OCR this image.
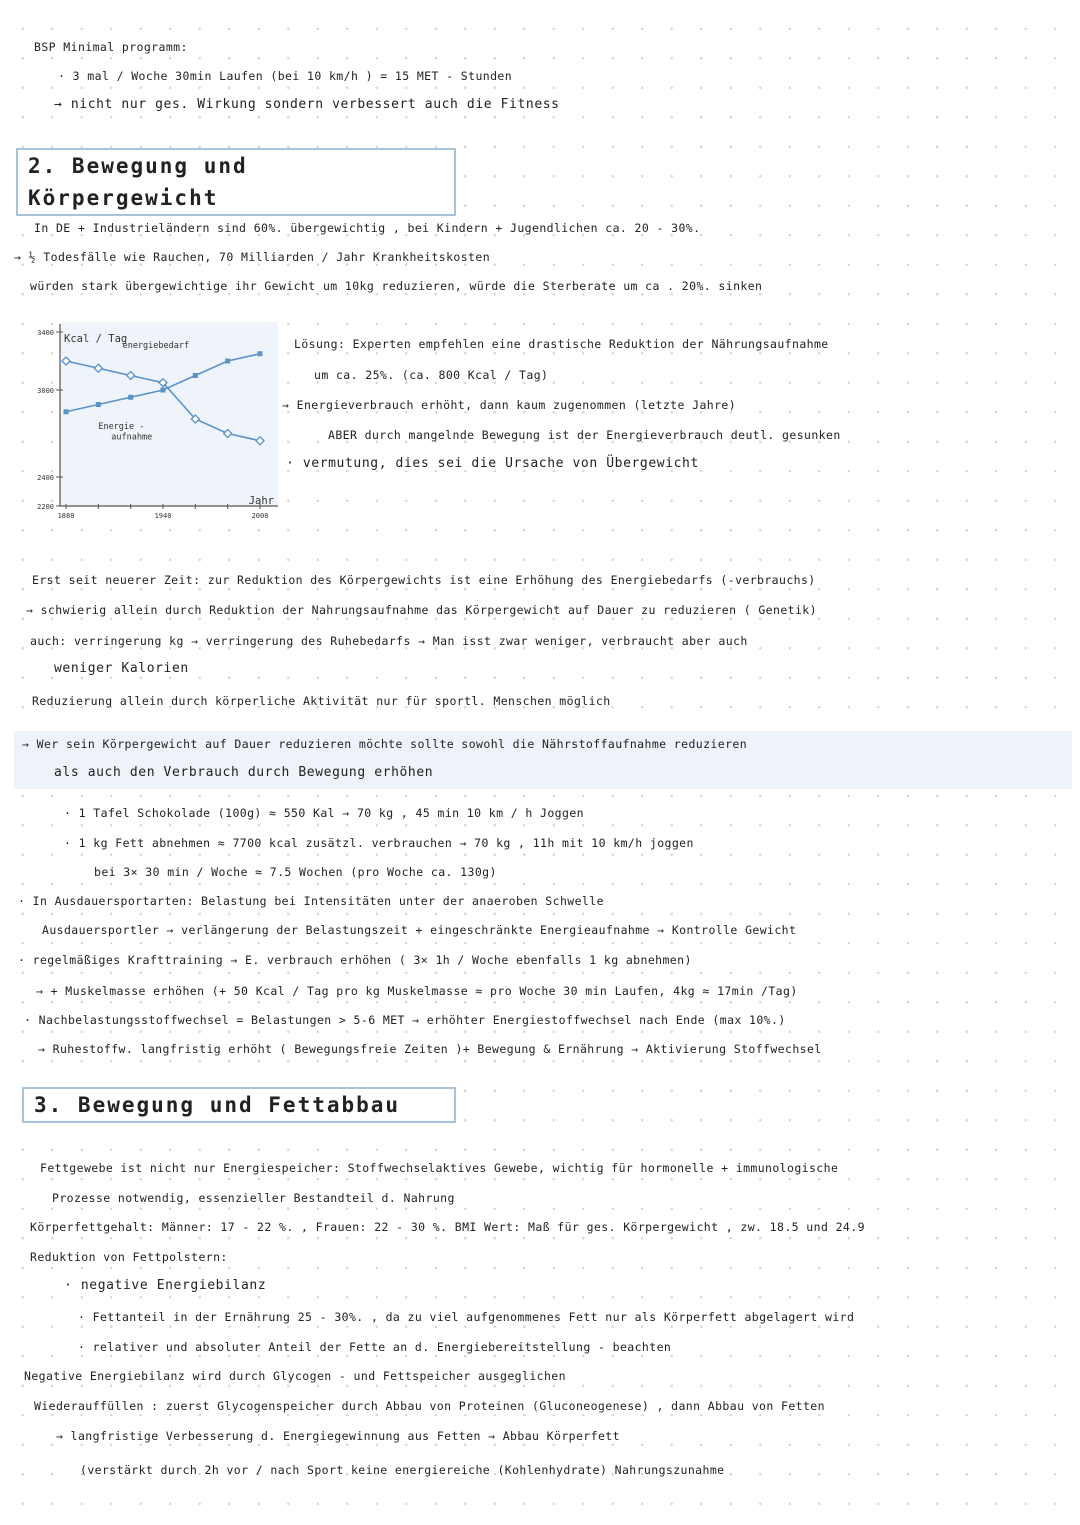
BSP Minimal programm:
· 3 mal / Woche 30min Laufen (bei 10 km/h ) = 15 MET - Stunden
→ nicht nur ges. Wirkung sondern verbessert auch die Fitness
2. Bewegung und Körpergewicht
In DE + Industrieländern sind 60%. übergewichtig , bei Kindern + Jugendlichen ca. 20 - 30%.
→ ½ Todesfälle wie Rauchen, 70 Milliarden / Jahr Krankheitskosten
würden stark übergewichtige ihr Gewicht um 10kg reduzieren, würde die Sterberate um ca . 20%. sinken
2200
2400
3000
3400
1880	1940	2000
Kcal / Tag
Jahr
energiebedarf
Energie -
aufnahme
Lösung: Experten empfehlen eine drastische Reduktion der Nährungsaufnahme
um ca. 25%. (ca. 800 Kcal / Tag)
→ Energieverbrauch erhöht, dann kaum zugenommen (letzte Jahre)
ABER durch mangelnde Bewegung ist der Energieverbrauch deutl. gesunken
· vermutung, dies sei die Ursache von Übergewicht
Erst seit neuerer Zeit: zur Reduktion des Körpergewichts ist eine Erhöhung des Energiebedarfs (-verbrauchs)
→ schwierig allein durch Reduktion der Nahrungsaufnahme das Körpergewicht auf Dauer zu reduzieren ( Genetik)
auch: verringerung kg → verringerung des Ruhebedarfs → Man isst zwar weniger, verbraucht aber auch
weniger Kalorien
Reduzierung allein durch körperliche Aktivität nur für sportl. Menschen möglich
→ Wer sein Körpergewicht auf Dauer reduzieren möchte sollte sowohl die Nährstoffaufnahme reduzieren
als auch den Verbrauch durch Bewegung erhöhen
· 1 Tafel Schokolade (100g) ≈ 550 Kal → 70 kg , 45 min 10 km / h Joggen
· 1 kg Fett abnehmen ≈ 7700 kcal zusätzl. verbrauchen → 70 kg , 11h mit 10 km/h joggen
bei 3× 30 min / Woche ≈ 7.5 Wochen (pro Woche ca. 130g)
· In Ausdauersportarten: Belastung bei Intensitäten unter der anaeroben Schwelle
Ausdauersportler → verlängerung der Belastungszeit + eingeschränkte Energieaufnahme → Kontrolle Gewicht
· regelmäßiges Krafttraining → E. verbrauch erhöhen ( 3× 1h / Woche ebenfalls 1 kg abnehmen)
→ + Muskelmasse erhöhen (+ 50 Kcal / Tag pro kg Muskelmasse ≈ pro Woche 30 min Laufen, 4kg ≈ 17min /Tag)
· Nachbelastungsstoffwechsel = Belastungen > 5-6 MET → erhöhter Energiestoffwechsel nach Ende (max 10%.)
→ Ruhestoffw. langfristig erhöht ( Bewegungsfreie Zeiten )+ Bewegung & Ernährung → Aktivierung Stoffwechsel
3. Bewegung und Fettabbau
Fettgewebe ist nicht nur Energiespeicher: Stoffwechselaktives Gewebe, wichtig für hormonelle + immunologische
Prozesse notwendig, essenzieller Bestandteil d. Nahrung
Körperfettgehalt: Männer: 17 - 22 %. , Frauen: 22 - 30 %. BMI Wert: Maß für ges. Körpergewicht , zw. 18.5 und 24.9
Reduktion von Fettpolstern:
· negative Energiebilanz
· Fettanteil in der Ernährung 25 - 30%. , da zu viel aufgenommenes Fett nur als Körperfett abgelagert wird
· relativer und absoluter Anteil der Fette an d. Energiebereitstellung - beachten
Negative Energiebilanz wird durch Glycogen - und Fettspeicher ausgeglichen
Wiederauffüllen : zuerst Glycogenspeicher durch Abbau von Proteinen (Gluconeogenese) , dann Abbau von Fetten
→ langfristige Verbesserung d. Energiegewinnung aus Fetten → Abbau Körperfett
(verstärkt durch 2h vor / nach Sport keine energiereiche (Kohlenhydrate) Nahrungszunahme
